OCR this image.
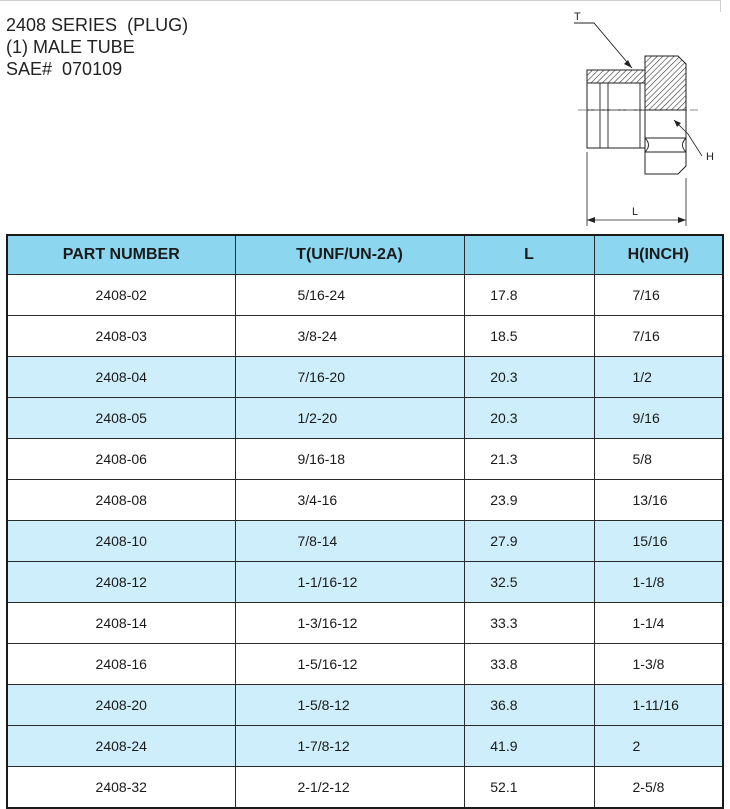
2408 SERIES  (PLUG)
(1) MALE TUBE
SAE#  070109
T
H
L
PART NUMBER	T(UNF/UN-2A)	L	H(INCH)
2408-02	5/16-24	17.8	7/16
2408-03	3/8-24	18.5	7/16
2408-04	7/16-20	20.3	1/2
2408-05	1/2-20	20.3	9/16
2408-06	9/16-18	21.3	5/8
2408-08	3/4-16	23.9	13/16
2408-10	7/8-14	27.9	15/16
2408-12	1-1/16-12	32.5	1-1/8
2408-14	1-3/16-12	33.3	1-1/4
2408-16	1-5/16-12	33.8	1-3/8
2408-20	1-5/8-12	36.8	1-11/16
2408-24	1-7/8-12	41.9	2
2408-32	2-1/2-12	52.1	2-5/8
